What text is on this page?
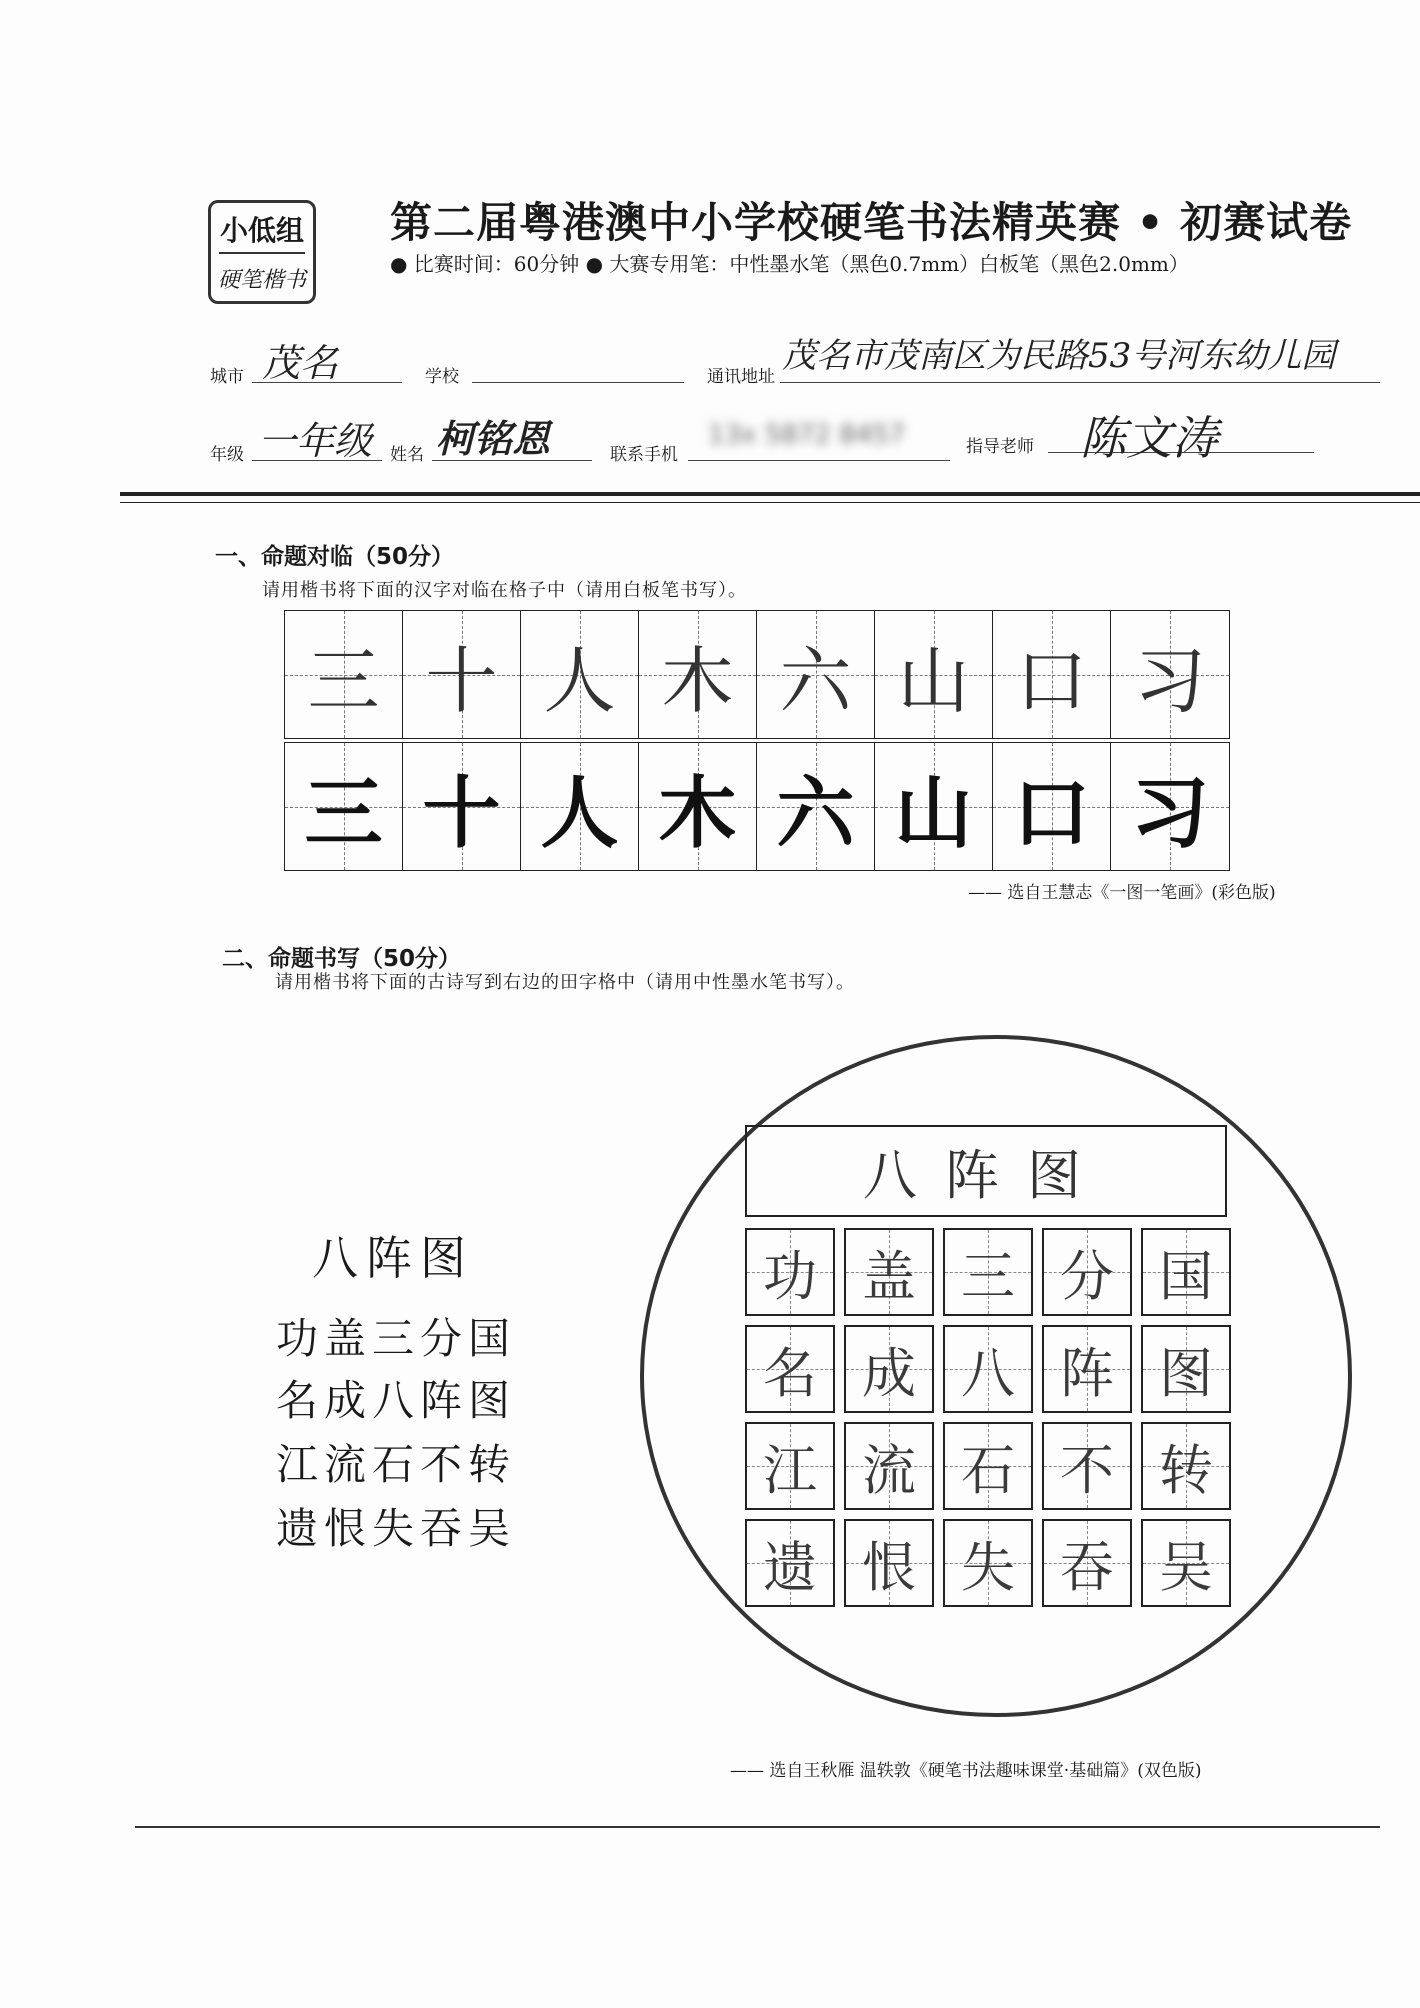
小低组
硬笔楷书
第二届粤港澳中小学校硬笔书法精英赛 • 初赛试卷
● 比赛时间：60分钟 ● 大赛专用笔：中性墨水笔（黑色0.7mm）白板笔（黑色2.0mm）
城市 茂名	学校	通讯地址
茂名市茂南区为民路53号河东幼儿园
年级 一年级 姓名 柯铭恩	联系手机
13x 5872 8457	指导老师 陈文涛
一、命题对临（50分）
请用楷书将下面的汉字对临在格子中（请用白板笔书写）。
三 十 人 木 六 山 口 习
三 十 人 木 六 山 口 习
—— 选自王慧志《一图一笔画》(彩色版)
二、命题书写（50分）
请用楷书将下面的古诗写到右边的田字格中（请用中性墨水笔书写）。
八阵图
功盖三分国
名成八阵图
江流石不转
遗恨失吞吴
八阵图
功 盖 三 分 国
名 成 八 阵 图
江 流 石 不 转
遗 恨 失 吞 吴
—— 选自王秋雁 温轶敦《硬笔书法趣味课堂·基础篇》(双色版)
